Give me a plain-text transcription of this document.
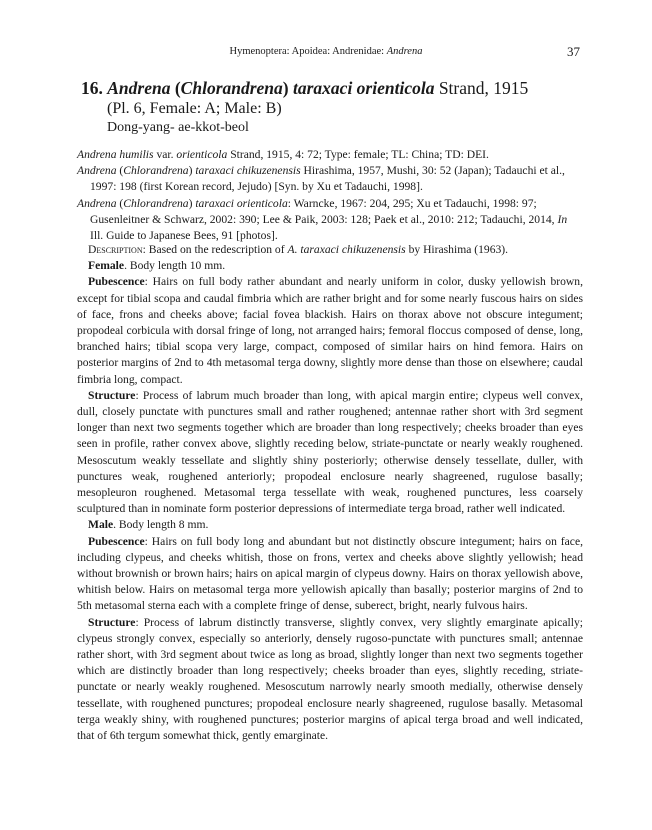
Hymenoptera: Apoidea: Andrenidae: Andrena	37
16. Andrena (Chlorandrena) taraxaci orienticola Strand, 1915
(Pl. 6, Female: A; Male: B)
Dong-yang- ae-kkot-beol

Andrena humilis var. orienticola Strand, 1915, 4: 72; Type: female; TL: China; TD: DEI.

Andrena (Chlorandrena) taraxaci chikuzenensis Hirashima, 1957, Mushi, 30: 52 (Japan); Tadauchi et al., 1997: 198 (first Korean record, Jejudo) [Syn. by Xu et Tadauchi, 1998].

Andrena (Chlorandrena) taraxaci orienticola: Warncke, 1967: 204, 295; Xu et Tadauchi, 1998: 97; Gusenleitner & Schwarz, 2002: 390; Lee & Paik, 2003: 128; Paek et al., 2010: 212; Tadauchi, 2014, In Ill. Guide to Japanese Bees, 91 [photos].

Description: Based on the redescription of A. taraxaci chikuzenensis by Hirashima (1963).

Female. Body length 10 mm.

Pubescence: Hairs on full body rather abundant and nearly uniform in color, dusky yellowish brown, except for tibial scopa and caudal fimbria which are rather bright and for some nearly fuscous hairs on sides of face, frons and cheeks above; facial fovea blackish. Hairs on thorax above not obscure integument; propodeal corbicula with dorsal fringe of long, not arranged hairs; femoral floccus composed of dense, long, branched hairs; tibial scopa very large, compact, composed of similar hairs on hind femora. Hairs on posterior margins of 2nd to 4th metasomal terga downy, slightly more dense than those on elsewhere; caudal fimbria long, compact.

Structure: Process of labrum much broader than long, with apical margin entire; clypeus well convex, dull, closely punctate with punctures small and rather roughened; antennae rather short with 3rd segment longer than next two segments together which are broader than long respectively; cheeks broader than eyes seen in profile, rather convex above, slightly receding below, striate-punctate or nearly weakly roughened. Mesoscutum weakly tessellate and slightly shiny posteriorly; otherwise densely tessellate, duller, with punctures weak, roughened anteriorly; propodeal enclosure nearly shagreened, rugulose basally; mesopleuron roughened. Metasomal terga tessellate with weak, roughened punctures, less coarsely sculptured than in nominate form posterior depressions of intermediate terga broad, rather well indicated.

Male. Body length 8 mm.

Pubescence: Hairs on full body long and abundant but not distinctly obscure integument; hairs on face, including clypeus, and cheeks whitish, those on frons, vertex and cheeks above slightly yellowish; head without brownish or brown hairs; hairs on apical margin of clypeus downy. Hairs on thorax yellowish above, whitish below. Hairs on metasomal terga more yellowish apically than basally; posterior margins of 2nd to 5th metasomal sterna each with a complete fringe of dense, suberect, bright, nearly fulvous hairs.

Structure: Process of labrum distinctly transverse, slightly convex, very slightly emarginate apically; clypeus strongly convex, especially so anteriorly, densely rugoso-punctate with punctures small; antennae rather short, with 3rd segment about twice as long as broad, slightly longer than next two segments together which are distinctly broader than long respectively; cheeks broader than eyes, slightly receding, striate-punctate or nearly weakly roughened. Mesoscutum narrowly nearly smooth medially, otherwise densely tessellate, with roughened punctures; propodeal enclosure nearly shagreened, rugulose basally. Metasomal terga weakly shiny, with roughened punctures; posterior margins of apical terga broad and well indicated, that of 6th tergum somewhat thick, gently emarginate.
